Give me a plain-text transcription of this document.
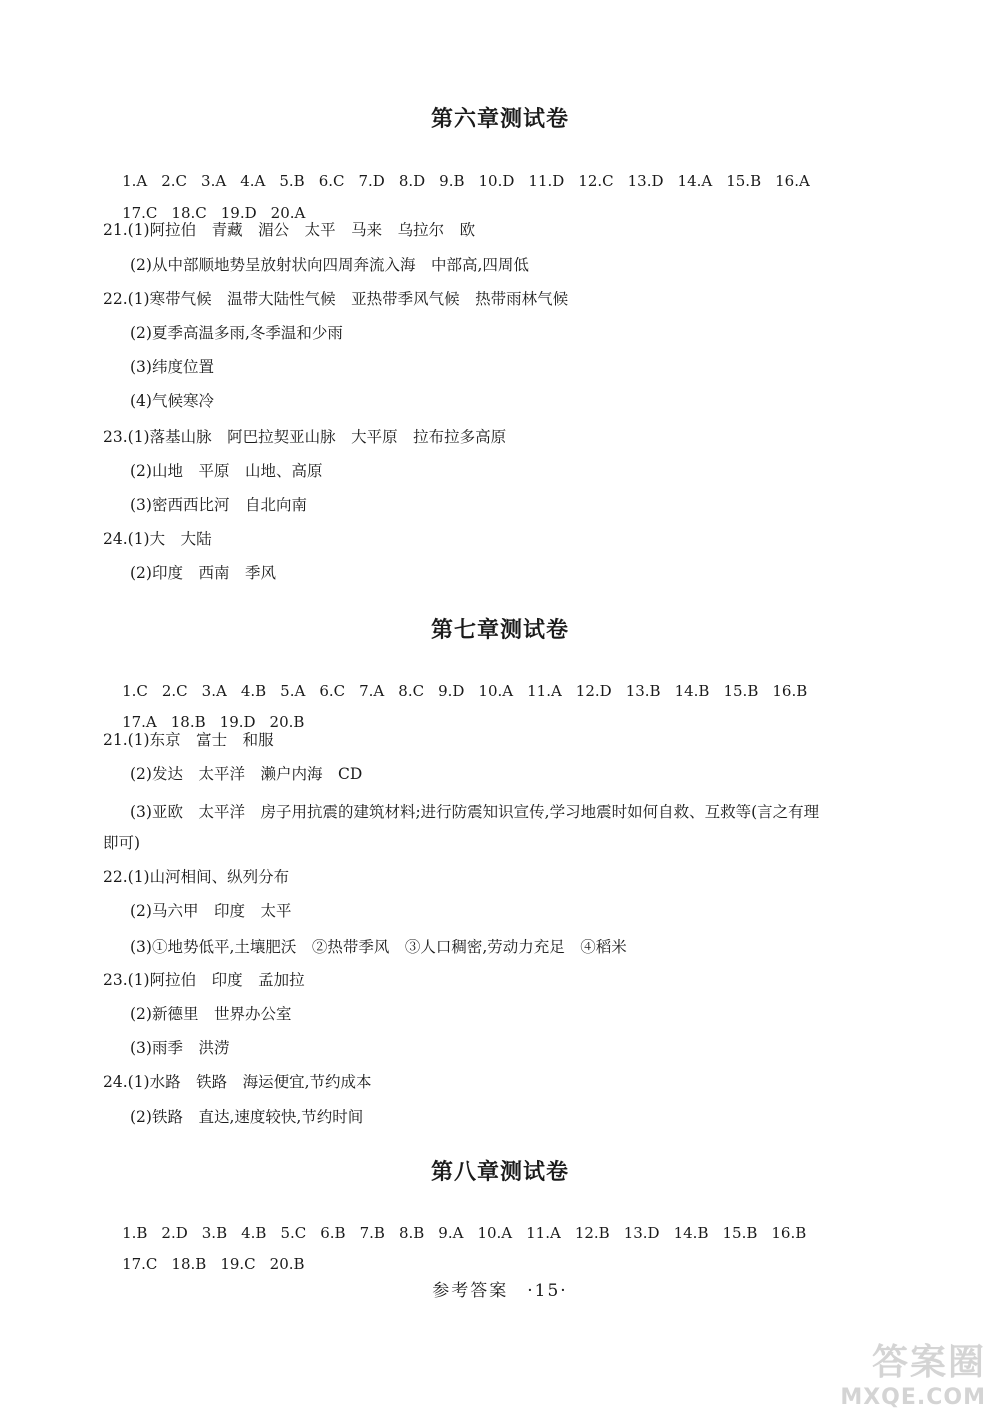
第六章测试卷

1.A 2.C 3.A 4.A 5.B 6.C 7.D 8.D 9.B 10.D 11.D 12.C 13.D 14.A 15.B 16.A

17.C 18.C 19.D 20.A

21.(1)阿拉伯　青藏　湄公　太平　马来　乌拉尔　欧
(2)从中部顺地势呈放射状向四周奔流入海　中部高,四周低
22.(1)寒带气候　温带大陆性气候　亚热带季风气候　热带雨林气候
(2)夏季高温多雨,冬季温和少雨
(3)纬度位置
(4)气候寒冷
23.(1)落基山脉　阿巴拉契亚山脉　大平原　拉布拉多高原
(2)山地　平原　山地、高原
(3)密西西比河　自北向南
24.(1)大　大陆
(2)印度　西南　季风
第七章测试卷

1.C 2.C 3.A 4.B 5.A 6.C 7.A 8.C 9.D 10.A 11.A 12.D 13.B 14.B 15.B 16.B

17.A 18.B 19.D 20.B

21.(1)东京　富士　和服
(2)发达　太平洋　濑户内海　CD
(3)亚欧　太平洋　房子用抗震的建筑材料;进行防震知识宣传,学习地震时如何自救、互救等(言之有理
即可)
22.(1)山河相间、纵列分布
(2)马六甲　印度　太平
(3)①地势低平,土壤肥沃　②热带季风　③人口稠密,劳动力充足　④稻米
23.(1)阿拉伯　印度　孟加拉
(2)新德里　世界办公室
(3)雨季　洪涝
24.(1)水路　铁路　海运便宜,节约成本
(2)铁路　直达,速度较快,节约时间
第八章测试卷

1.B 2.D 3.B 4.B 5.C 6.B 7.B 8.B 9.A 10.A 11.A 12.B 13.D 14.B 15.B 16.B

17.C 18.B 19.C 20.B

参考答案　·15·
答案圈
MXQE.COM
